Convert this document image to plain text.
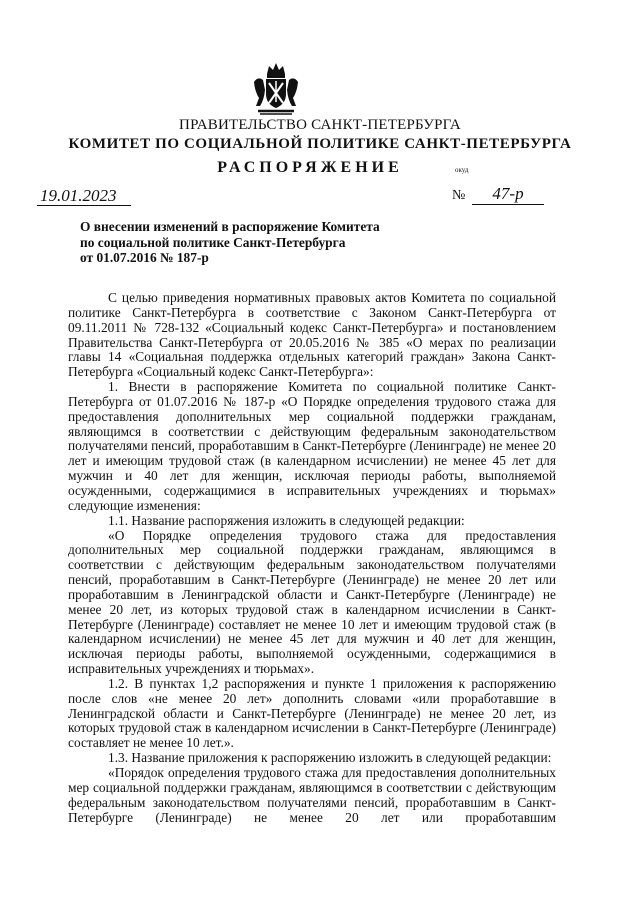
ПРАВИТЕЛЬСТВО САНКТ-ПЕТЕРБУРГА
КОМИТЕТ ПО СОЦИАЛЬНОЙ ПОЛИТИКЕ САНКТ-ПЕТЕРБУРГА
РАСПОРЯЖЕНИЕ	окуд
19.01.2023	№	47-р
О внесении изменений в распоряжение Комитета
по социальной политике Санкт-Петербурга
от 01.07.2016 № 187-р

С целью приведения нормативных правовых актов Комитета по социальной политике Санкт-Петербурга в соответствие с Законом Санкт-Петербурга от 09.11.2011 № 728-132 «Социальный кодекс Санкт-Петербурга» и постановлением Правительства Санкт-Петербурга от 20.05.2016 № 385 «О мерах по реализации главы 14 «Социальная поддержка отдельных категорий граждан» Закона Санкт-Петербурга «Социальный кодекс Санкт-Петербурга»:

1. Внести в распоряжение Комитета по социальной политике Санкт-Петербурга от 01.07.2016 № 187-р «О Порядке определения трудового стажа для предоставления дополнительных мер социальной поддержки гражданам, являющимся в соответствии с действующим федеральным законодательством получателями пенсий, проработавшим в Санкт-Петербурге (Ленинграде) не менее 20 лет и имеющим трудовой стаж (в календарном исчислении) не менее 45 лет для мужчин и 40 лет для женщин, исключая периоды работы, выполняемой осужденными, содержащимися в исправительных учреждениях и тюрьмах» следующие изменения:

1.1. Название распоряжения изложить в следующей редакции:

«О Порядке определения трудового стажа для предоставления дополнительных мер социальной поддержки гражданам, являющимся в соответствии с действующим федеральным законодательством получателями пенсий, проработавшим в Санкт-Петербурге (Ленинграде) не менее 20 лет или проработавшим в Ленинградской области и Санкт-Петербурге (Ленинграде) не менее 20 лет, из которых трудовой стаж в календарном исчислении в Санкт-Петербурге (Ленинграде) составляет не менее 10 лет и имеющим трудовой стаж (в календарном исчислении) не менее 45 лет для мужчин и 40 лет для женщин, исключая периоды работы, выполняемой осужденными, содержащимися в исправительных учреждениях и тюрьмах».

1.2. В пунктах 1,2 распоряжения и пункте 1 приложения к распоряжению после слов «не менее 20 лет» дополнить словами «или проработавшие в Ленинградской области и Санкт-Петербурге (Ленинграде) не менее 20 лет, из которых трудовой стаж в календарном исчислении в Санкт-Петербурге (Ленинграде) составляет не менее 10 лет.».

1.3. Название приложения к распоряжению изложить в следующей редакции:

«Порядок определения трудового стажа для предоставления дополнительных мер социальной поддержки гражданам, являющимся в соответствии с действующим федеральным законодательством получателями пенсий, проработавшим в Санкт-Петербурге (Ленинграде) не менее 20 лет или проработавшим
